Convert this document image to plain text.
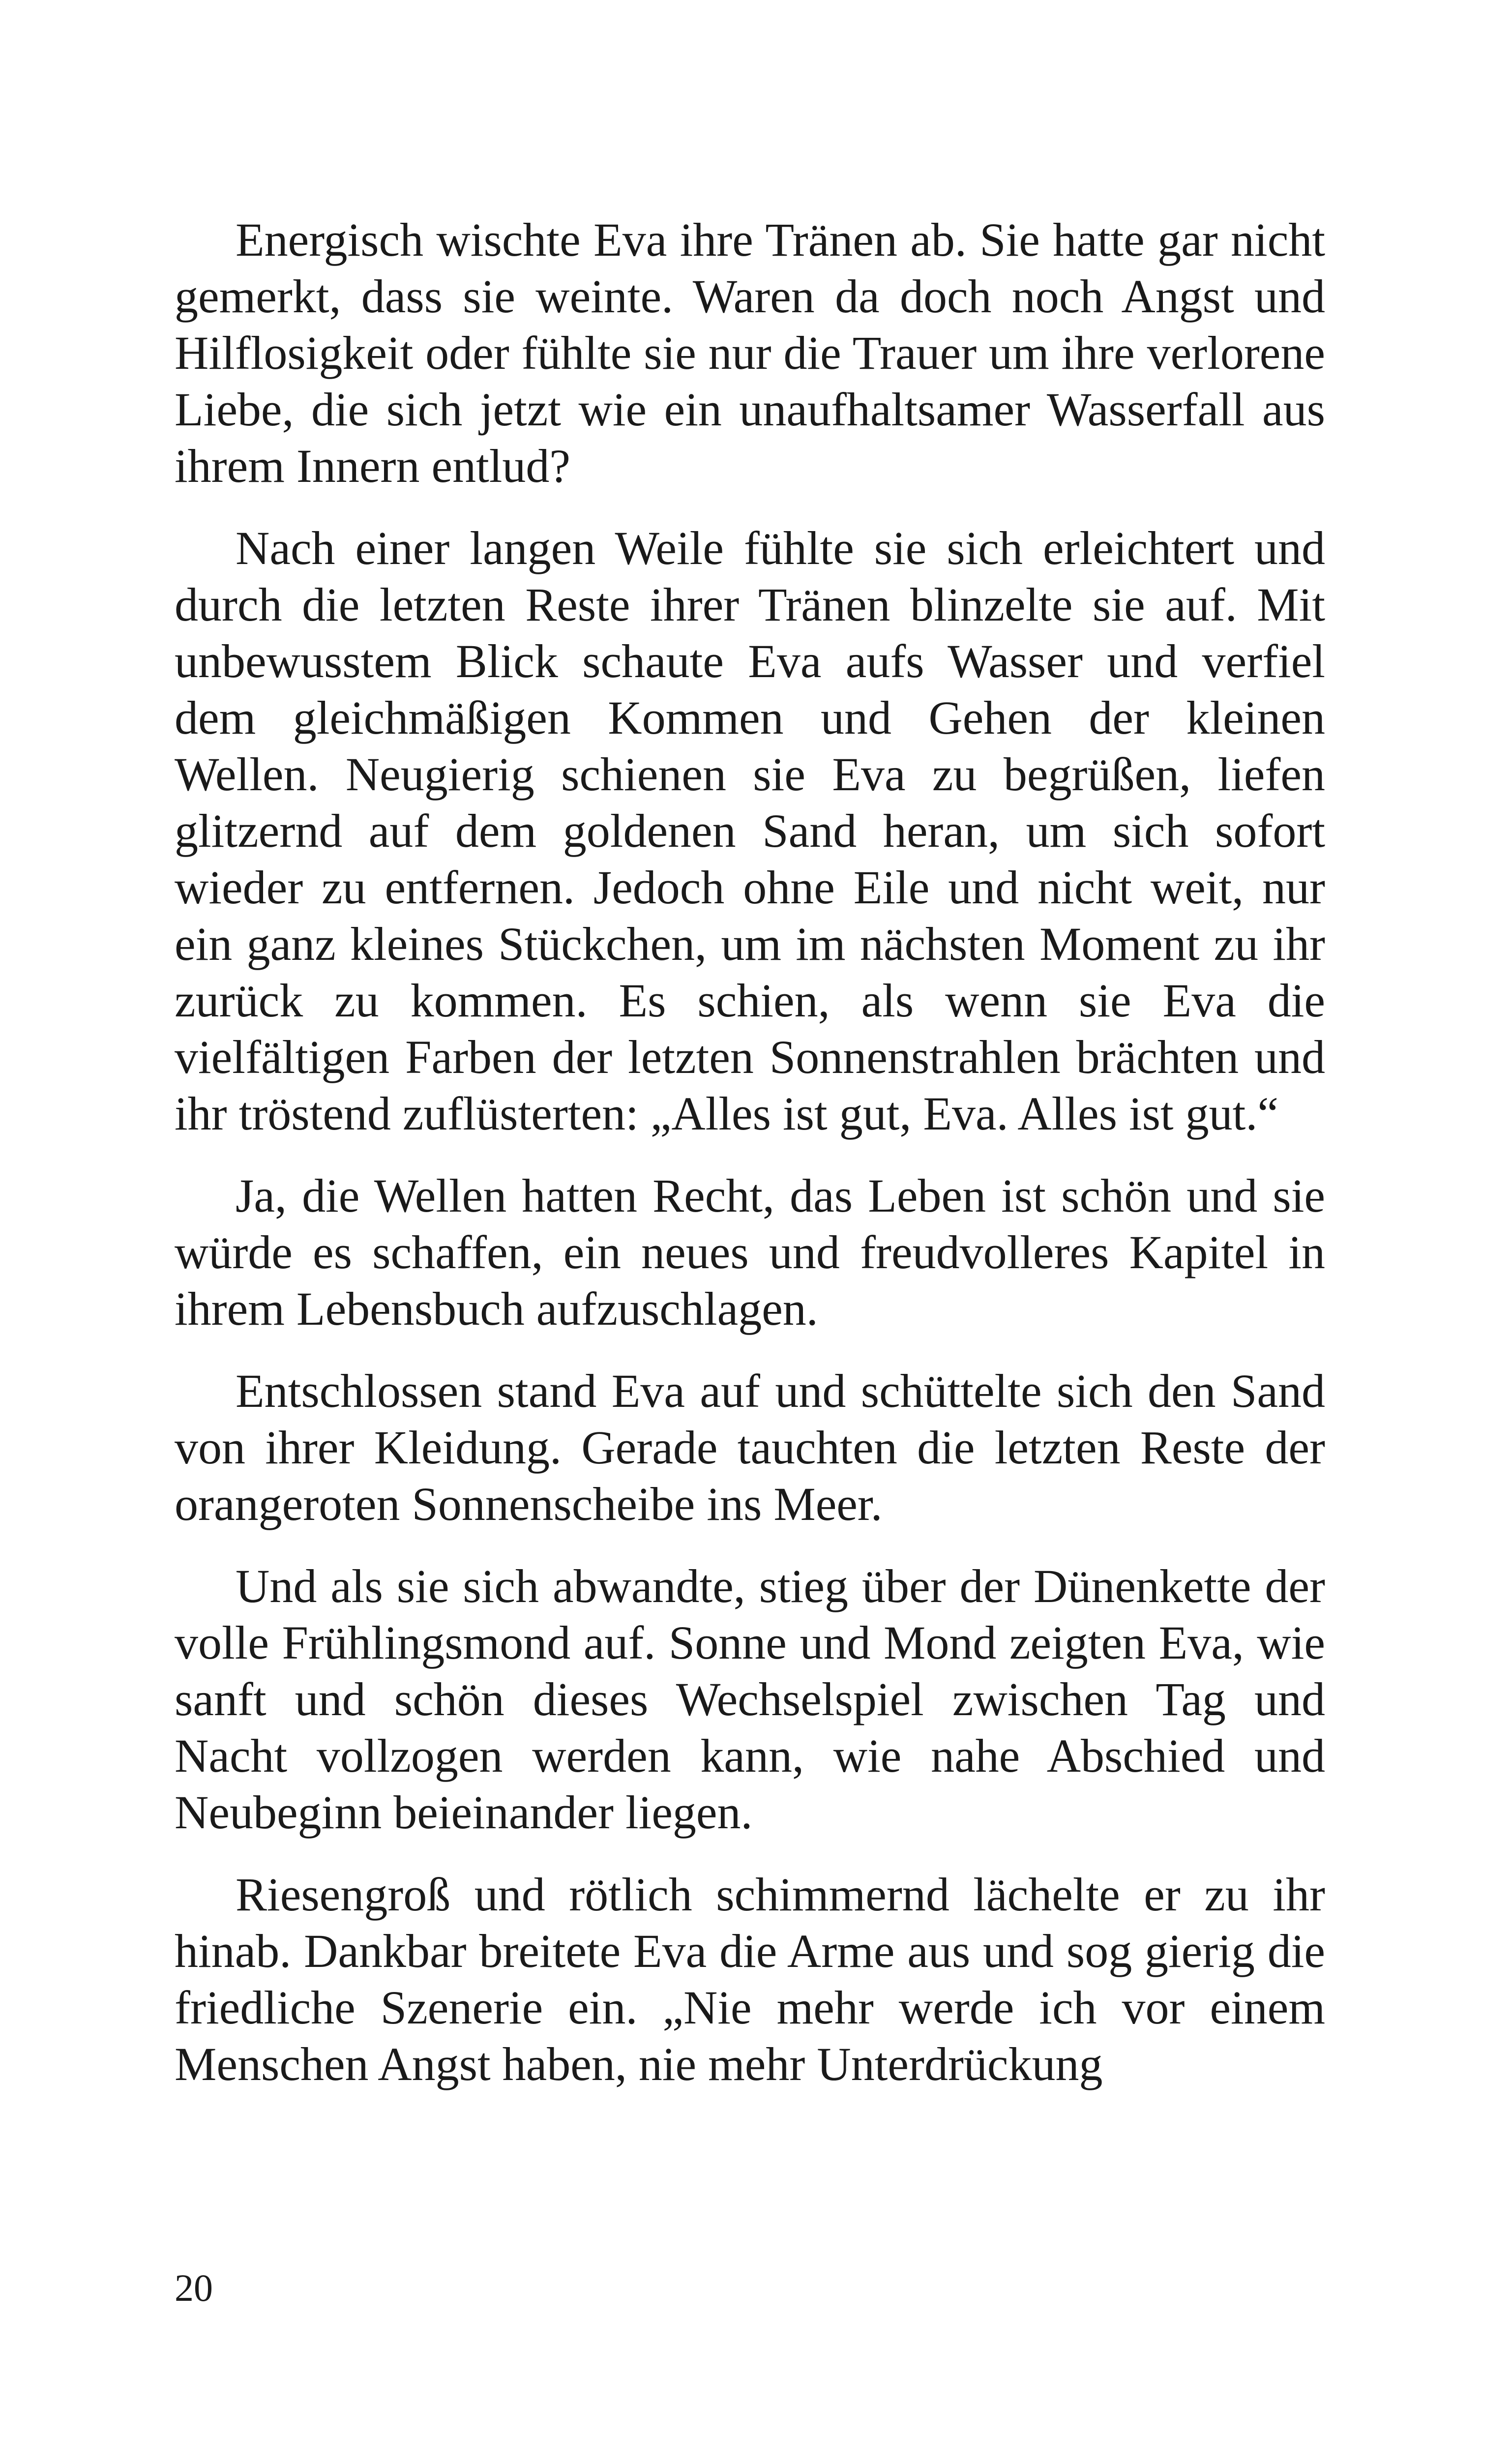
Energisch wischte Eva ihre Tränen ab. Sie hatte gar nicht gemerkt, dass sie weinte. Waren da doch noch Angst und Hilflosigkeit oder fühlte sie nur die Trauer um ihre verlorene Liebe, die sich jetzt wie ein unaufhaltsamer Wasserfall aus ihrem Innern entlud?

Nach einer langen Weile fühlte sie sich erleichtert und durch die letzten Reste ihrer Tränen blinzelte sie auf. Mit unbewusstem Blick schaute Eva aufs Wasser und verfiel dem gleichmäßigen Kommen und Gehen der kleinen Wellen. Neugierig schienen sie Eva zu begrüßen, liefen glitzernd auf dem goldenen Sand heran, um sich sofort wieder zu entfernen. Jedoch ohne Eile und nicht weit, nur ein ganz kleines Stückchen, um im nächsten Moment zu ihr zurück zu kommen. Es schien, als wenn sie Eva die vielfältigen Farben der letzten Sonnenstrahlen brächten und ihr tröstend zuflüsterten: „Alles ist gut, Eva. Alles ist gut.“

Ja, die Wellen hatten Recht, das Leben ist schön und sie würde es schaffen, ein neues und freudvolleres Kapitel in ihrem Lebensbuch aufzuschlagen.

Entschlossen stand Eva auf und schüttelte sich den Sand von ihrer Kleidung. Gerade tauchten die letzten Reste der orangeroten Sonnenscheibe ins Meer.

Und als sie sich abwandte, stieg über der Dünenkette der volle Frühlingsmond auf. Sonne und Mond zeigten Eva, wie sanft und schön dieses Wechselspiel zwischen Tag und Nacht vollzogen werden kann, wie nahe Abschied und Neubeginn beieinander liegen.

Riesengroß und rötlich schimmernd lächelte er zu ihr hinab. Dankbar breitete Eva die Arme aus und sog gierig die friedliche Szenerie ein. „Nie mehr werde ich vor einem Menschen Angst haben, nie mehr Unterdrückung

20
